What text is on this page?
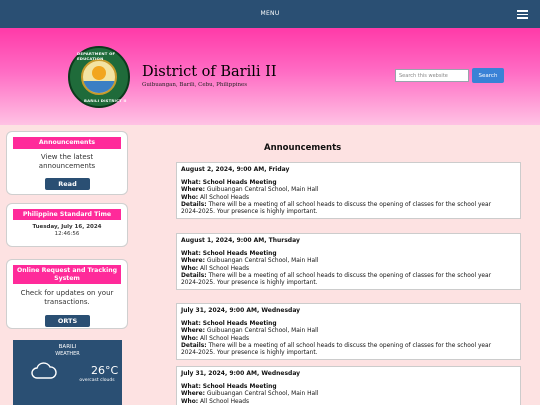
MENU
DEPARTMENT OF EDUCATION
BARILI DISTRICT II
District of Barili II
Guibuangan, Barili, Cebu, Philippines
Search this website
Search
Announcements
View the latest announcements
Read
Philippine Standard Time
Tuesday, July 16, 2024
12:46:56
Online Request and Tracking System
Check for updates on your transactions.
ORTS
BARILI
WEATHER
26°C
overcast clouds
Announcements
August 2, 2024, 9:00 AM, Friday
What: School Heads Meeting
Where: Guibuangan Central School, Main Hall
Who: All School Heads
Details: There will be a meeting of all school heads to discuss the opening of classes for the school year
2024-2025. Your presence is highly important.
August 1, 2024, 9:00 AM, Thursday
What: School Heads Meeting
Where: Guibuangan Central School, Main Hall
Who: All School Heads
Details: There will be a meeting of all school heads to discuss the opening of classes for the school year
2024-2025. Your presence is highly important.
July 31, 2024, 9:00 AM, Wednesday
What: School Heads Meeting
Where: Guibuangan Central School, Main Hall
Who: All School Heads
Details: There will be a meeting of all school heads to discuss the opening of classes for the school year
2024-2025. Your presence is highly important.
July 31, 2024, 9:00 AM, Wednesday
What: School Heads Meeting
Where: Guibuangan Central School, Main Hall
Who: All School Heads
